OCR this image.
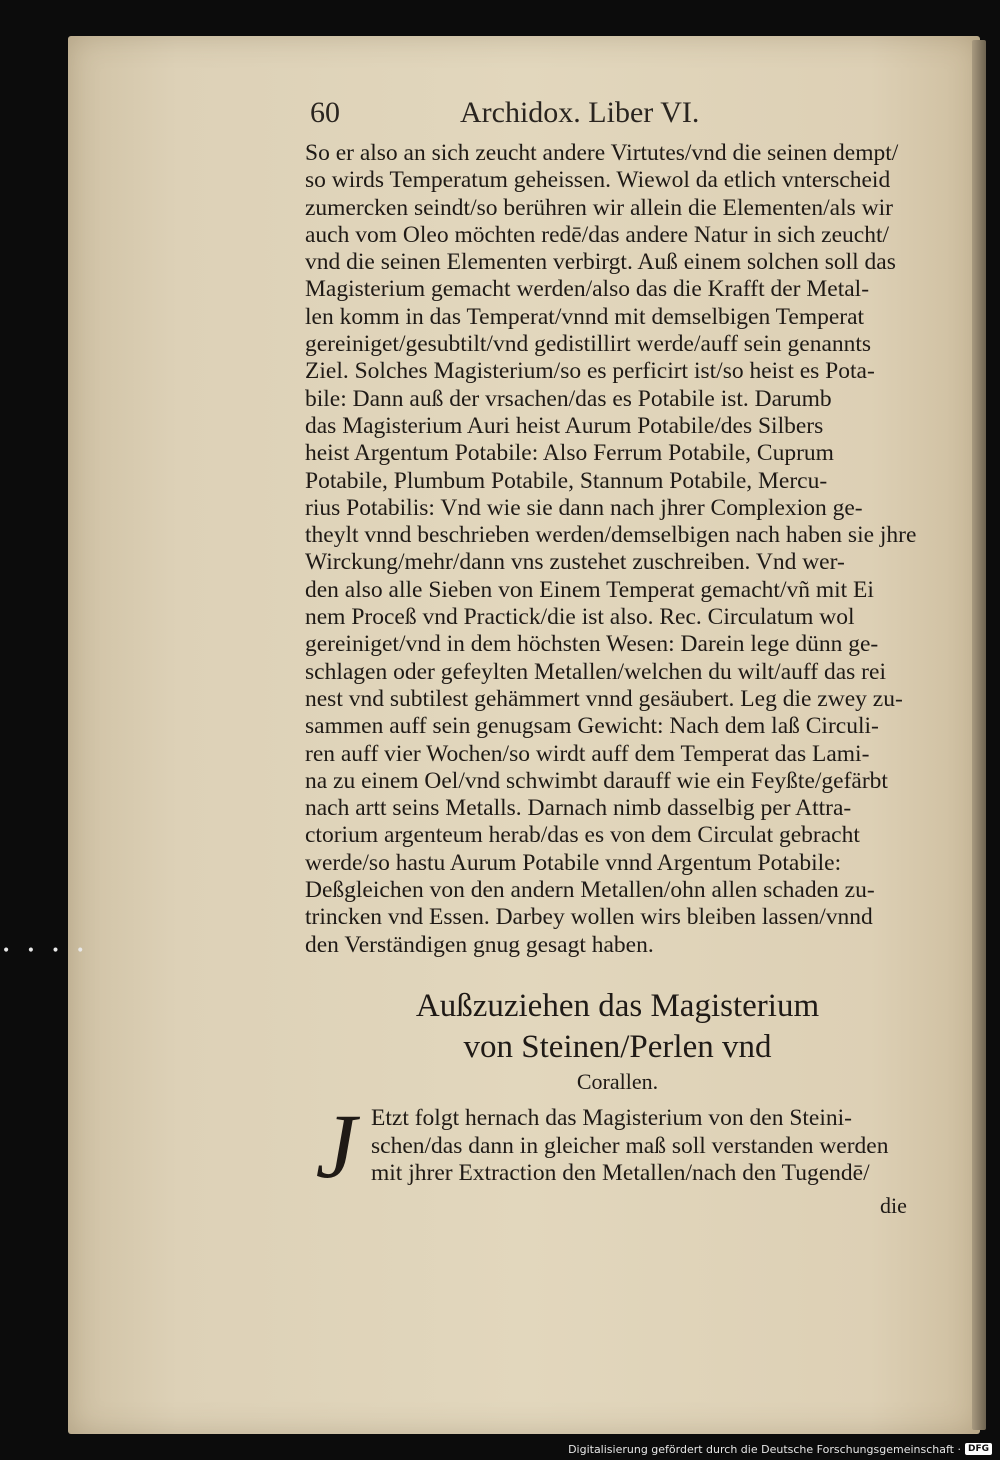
60	Archidox. Liber VI.
So er also an sich zeucht andere Virtutes/vnd die seinen dempt/
so wirds Temperatum geheissen. Wiewol da etlich vnterscheid
zumercken seindt/so berühren wir allein die Elementen/als wir
auch vom Oleo möchten redē/das andere Natur in sich zeucht/
vnd die seinen Elementen verbirgt. Auß einem solchen soll das
Magisterium gemacht werden/also das die Krafft der Metal-
len komm in das Temperat/vnnd mit demselbigen Temperat
gereiniget/gesubtilt/vnd gedistillirt werde/auff sein genannts
Ziel. Solches Magisterium/so es perficirt ist/so heist es Pota-
bile: Dann auß der vrsachen/das es Potabile ist. Darumb
das Magisterium Auri heist Aurum Potabile/des Silbers
heist Argentum Potabile: Also Ferrum Potabile, Cuprum
Potabile, Plumbum Potabile, Stannum Potabile, Mercu-
rius Potabilis: Vnd wie sie dann nach jhrer Complexion ge-
theylt vnnd beschrieben werden/demselbigen nach haben sie jhre
Wirckung/mehr/dann vns zustehet zuschreiben. Vnd wer-
den also alle Sieben von Einem Temperat gemacht/vñ mit Ei
nem Proceß vnd Practick/die ist also. Rec. Circulatum wol
gereiniget/vnd in dem höchsten Wesen: Darein lege dünn ge-
schlagen oder gefeylten Metallen/welchen du wilt/auff das rei
nest vnd subtilest gehämmert vnnd gesäubert. Leg die zwey zu-
sammen auff sein genugsam Gewicht: Nach dem laß Circuli-
ren auff vier Wochen/so wirdt auff dem Temperat das Lami-
na zu einem Oel/vnd schwimbt darauff wie ein Feyßte/gefärbt
nach artt seins Metalls. Darnach nimb dasselbig per Attra-
ctorium argenteum herab/das es von dem Circulat gebracht
werde/so hastu Aurum Potabile vnnd Argentum Potabile:
Deßgleichen von den andern Metallen/ohn allen schaden zu-
trincken vnd Essen. Darbey wollen wirs bleiben lassen/vnnd
den Verständigen gnug gesagt haben.
Außzuziehen das Magisterium
von Steinen/Perlen vnd
Corallen.
J Etzt folgt hernach das Magisterium von den Steini-
schen/das dann in gleicher maß soll verstanden werden
mit jhrer Extraction den Metallen/nach den Tugendē/
die
• • • •
Digitalisierung gefördert durch die Deutsche Forschungsgemeinschaft · DFG
